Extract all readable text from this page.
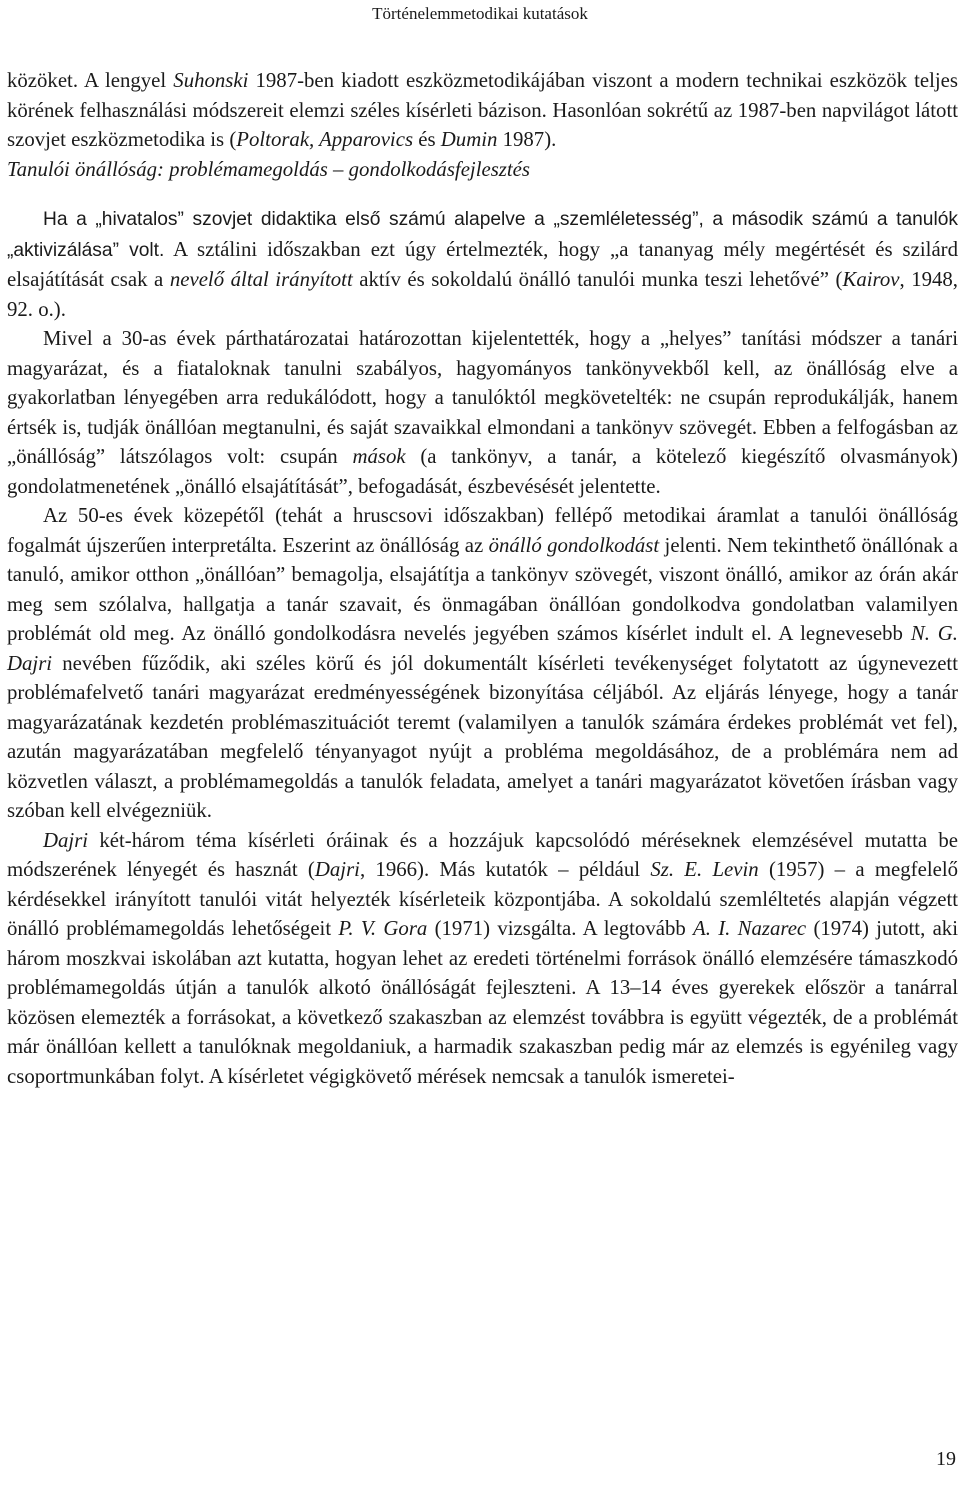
Történelemmetodikai kutatások

közöket. A lengyel Suhonski 1987-ben kiadott eszközmetodikájában viszont a modern technikai eszközök teljes körének felhasználási módszereit elemzi széles kísérleti bázison. Hasonlóan sokrétű az 1987-ben napvilágot látott szovjet eszközmetodika is (Poltorak, Apparovics és Dumin 1987).

Tanulói önállóság: problémamegoldás – gondolkodásfejlesztés

Ha a „hivatalos” szovjet didaktika első számú alapelve a „szemléletesség”, a második számú a tanulók „aktivizálása” volt. A sztálini időszakban ezt úgy értelmezték, hogy „a tananyag mély megértését és szilárd elsajátítását csak a nevelő által irányított aktív és sokoldalú önálló tanulói munka teszi lehetővé” (Kairov, 1948, 92. o.).

Mivel a 30-as évek párthatározatai határozottan kijelentették, hogy a „helyes” tanítási módszer a tanári magyarázat, és a fiataloknak tanulni szabályos, hagyományos tankönyvekből kell, az önállóság elve a gyakorlatban lényegében arra redukálódott, hogy a tanulóktól megkövetelték: ne csupán reprodukálják, hanem értsék is, tudják önállóan megtanulni, és saját szavaikkal elmondani a tankönyv szövegét. Ebben a felfogásban az „önállóság” látszólagos volt: csupán mások (a tankönyv, a tanár, a kötelező kiegészítő olvasmányok) gondolatmenetének „önálló elsajátítását”, befogadását, észbevésését jelentette.

Az 50-es évek közepétől (tehát a hruscsovi időszakban) fellépő metodikai áramlat a tanulói önállóság fogalmát újszerűen interpretálta. Eszerint az önállóság az önálló gondolkodást jelenti. Nem tekinthető önállónak a tanuló, amikor otthon „önállóan” bemagolja, elsajátítja a tankönyv szövegét, viszont önálló, amikor az órán akár meg sem szólalva, hallgatja a tanár szavait, és önmagában önállóan gondolkodva gondolatban valamilyen problémát old meg. Az önálló gondolkodásra nevelés jegyében számos kísérlet indult el. A legnevesebb N. G. Dajri nevében fűződik, aki széles körű és jól dokumentált kísérleti tevékenységet folytatott az úgynevezett problémafelvető tanári magyarázat eredményességének bizonyítása céljából. Az eljárás lényege, hogy a tanár magyarázatának kezdetén problémaszituációt teremt (valamilyen a tanulók számára érdekes problémát vet fel), azután magyarázatában megfelelő tényanyagot nyújt a probléma megoldásához, de a problémára nem ad közvetlen választ, a problémamegoldás a tanulók feladata, amelyet a tanári magyarázatot követően írásban vagy szóban kell elvégezniük.

Dajri két-három téma kísérleti óráinak és a hozzájuk kapcsolódó méréseknek elemzésével mutatta be módszerének lényegét és hasznát (Dajri, 1966). Más kutatók – például Sz. E. Levin (1957) – a megfelelő kérdésekkel irányított tanulói vitát helyezték kísérleteik központjába. A sokoldalú szemléltetés alapján végzett önálló problémamegoldás lehetőségeit P. V. Gora (1971) vizsgálta. A legtovább A. I. Nazarec (1974) jutott, aki három moszkvai iskolában azt kutatta, hogyan lehet az eredeti történelmi források önálló elemzésére támaszkodó problémamegoldás útján a tanulók alkotó önállóságát fejleszteni. A 13–14 éves gyerekek először a tanárral közösen elemezték a forrásokat, a következő szakaszban az elemzést továbbra is együtt végezték, de a problémát már önállóan kellett a tanulóknak megoldaniuk, a harmadik szakaszban pedig már az elemzés is egyénileg vagy csoportmunkában folyt. A kísérletet végigkövető mérések nemcsak a tanulók ismeretei-

19
